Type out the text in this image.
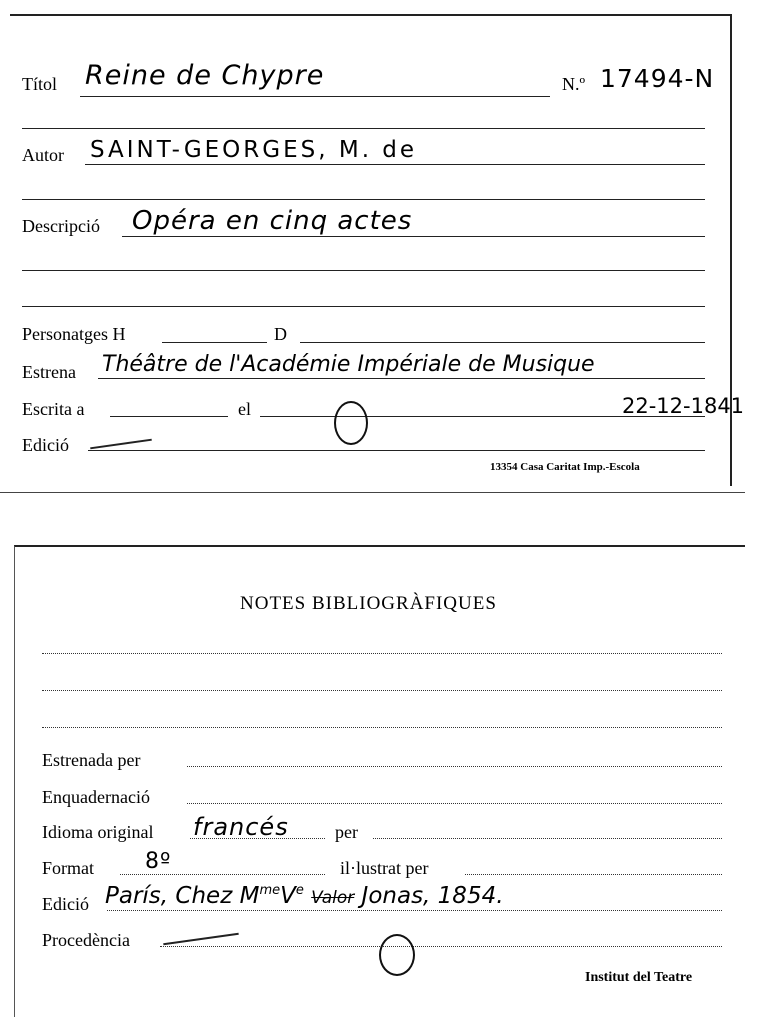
Títol Reine de Chypre	N.º 17494-N
Autor SAINT-GEORGES, M. de
Descripció Opéra en cinq actes
Personatges H	D
Estrena Théâtre de l'Académie Impériale de Musique
Escrita a	el	22-12-1841
Edició
13354 Casa Caritat Imp.-Escola
NOTES BIBLIOGRÀFIQUES
Estrenada per
Enquadernació
Idioma original francés	per
Format 8º	il·lustrat per
Edició París, Chez $M^{me}Ve$ Valor Jonas, 1854.
Procedència
Institut del Teatre
